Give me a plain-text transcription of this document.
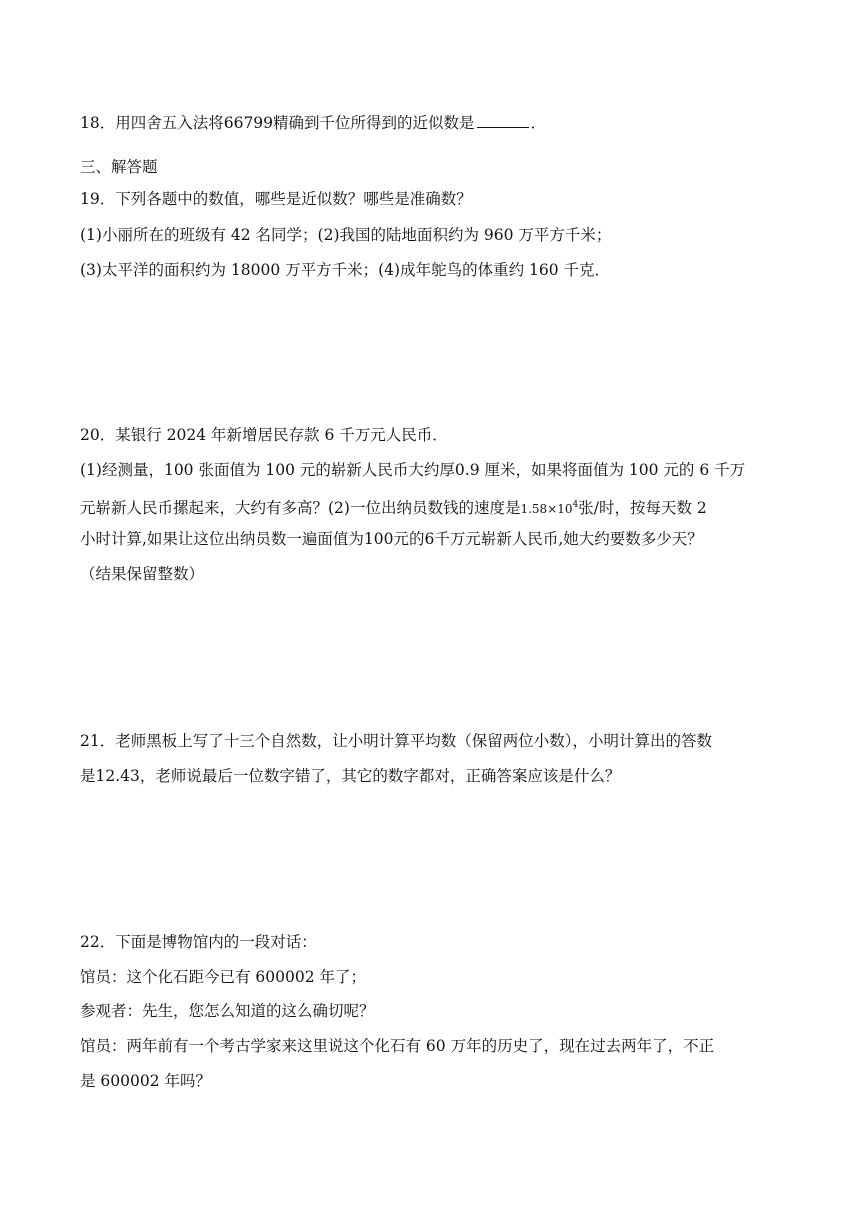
18．用四舍五入法将66799精确到千位所得到的近似数是	．
三、解答题
19．下列各题中的数值，哪些是近似数？哪些是准确数？
(1)小丽所在的班级有 42 名同学；(2)我国的陆地面积约为 960 万平方千米；
(3)太平洋的面积约为 18000 万平方千米；(4)成年鸵鸟的体重约 160 千克．
20．某银行 2024 年新增居民存款 6 千万元人民币．
(1)经测量，100 张面值为 100 元的崭新人民币大约厚0.9 厘米，如果将面值为 100 元的 6 千万
元崭新人民币摞起来，大约有多高？(2)一位出纳员数钱的速度是$1.58\times 10^4$张/时，按每天数 2
小时计算,如果让这位出纳员数一遍面值为100元的6千万元崭新人民币,她大约要数多少天？
（结果保留整数）
21．老师黑板上写了十三个自然数，让小明计算平均数（保留两位小数），小明计算出的答数
是12.43，老师说最后一位数字错了，其它的数字都对，正确答案应该是什么？
22．下面是博物馆内的一段对话：
馆员：这个化石距今已有 600002 年了；
参观者：先生，您怎么知道的这么确切呢？
馆员：两年前有一个考古学家来这里说这个化石有 60 万年的历史了，现在过去两年了，不正
是 600002 年吗？
